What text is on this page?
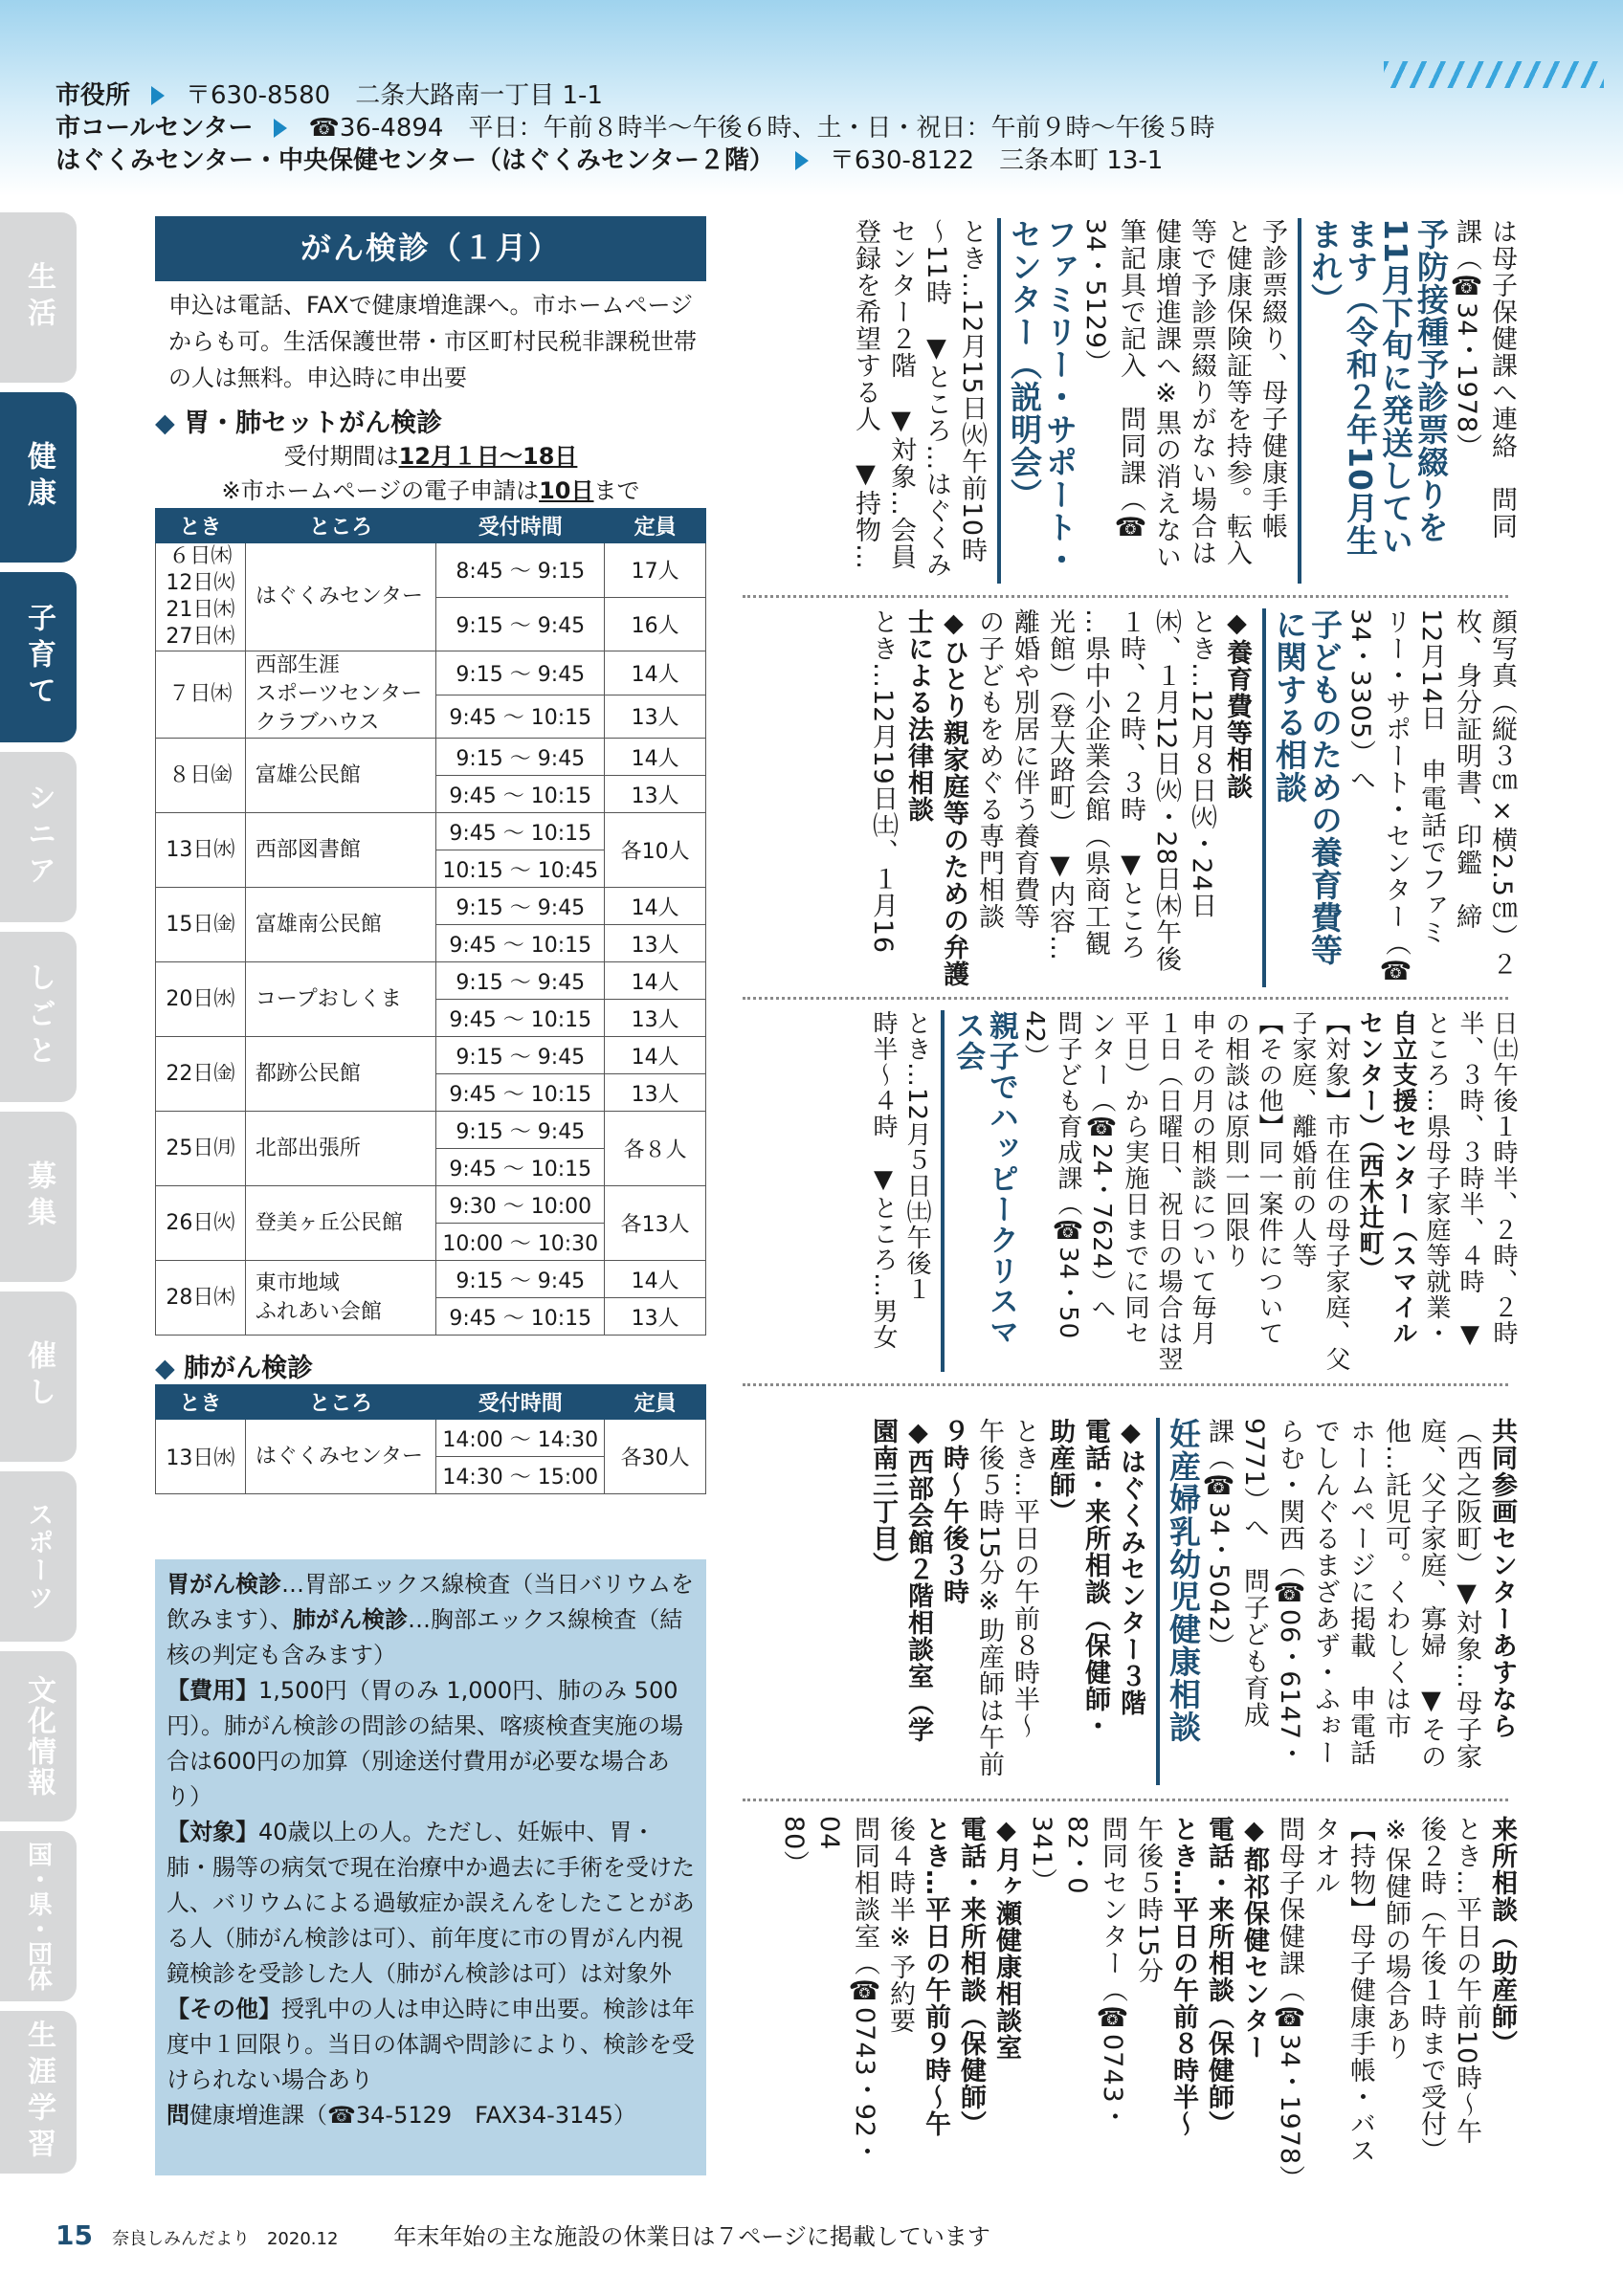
市役所 〒630-8580　二条大路南一丁目 1-1
市コールセンター ☎36-4894　平日：午前８時半～午後６時、土・日・祝日：午前９時～午後５時
はぐくみセンター・中央保健センター（はぐくみセンター２階） 〒630-8122　三条本町 13-1
生活
健康
子育て
シニア
しごと
募集
催し
スポーツ
文化情報
国・県・団体
生涯学習
がん検診（１月）
申込は電話、FAXで健康増進課へ。市ホームページからも可。生活保護世帯・市区町村民税非課税世帯の人は無料。申込時に申出要
◆ 胃・肺セットがん検診
受付期間は12月１日～18日
※市ホームページの電子申請は10日まで
とき	ところ	受付時間	定員
６日㈭
12日㈫
21日㈭
27日㈭	はぐくみセンター	8:45 ～ 9:15	17人
		9:15 ～ 9:45	16人
７日㈭	西部生涯
スポーツセンター
クラブハウス	9:15 ～ 9:45	14人
		9:45 ～ 10:15	13人
８日㈮	富雄公民館	9:15 ～ 9:45	14人
		9:45 ～ 10:15	13人
13日㈬	西部図書館	9:45 ～ 10:15	各10人
		10:15 ～ 10:45	
15日㈮	富雄南公民館	9:15 ～ 9:45	14人
		9:45 ～ 10:15	13人
20日㈬	コープおしくま	9:15 ～ 9:45	14人
		9:45 ～ 10:15	13人
22日㈮	都跡公民館	9:15 ～ 9:45	14人
		9:45 ～ 10:15	13人
25日㈪	北部出張所	9:15 ～ 9:45	各８人
		9:45 ～ 10:15	
26日㈫	登美ヶ丘公民館	9:30 ～ 10:00	各13人
		10:00 ～ 10:30	
28日㈭	東市地域
ふれあい会館	9:15 ～ 9:45	14人
		9:45 ～ 10:15	13人
◆ 肺がん検診
とき	ところ	受付時間	定員
13日㈬	はぐくみセンター	14:00 ～ 14:30	各30人
		14:30 ～ 15:00	
胃がん検診…胃部エックス線検査（当日バリウムを飲みます）、肺がん検診…胸部エックス線検査（結核の判定も含みます）
【費用】1,500円（胃のみ 1,000円、肺のみ 500円）。肺がん検診の問診の結果、喀痰検査実施の場合は600円の加算（別途送付費用が必要な場合あり）
【対象】40歳以上の人。ただし、妊娠中、胃・肺・腸等の病気で現在治療中か過去に手術を受けた人、バリウムによる過敏症か誤えんをしたことがある人（肺がん検診は可）、前年度に市の胃がん内視鏡検診を受診した人（肺がん検診は可）は対象外
【その他】授乳中の人は申込時に申出要。検診は年度中１回限り。当日の体調や問診により、検診を受けられない場合あり
問健康増進課（☎34-5129　FAX34-3145）
は母子保健課へ連絡　問同
課（☎34・1978）
予防接種予診票綴りを11月下旬に発送しています（令和２年10月生まれ）
予診票綴り、母子健康手帳
と健康保険証等を持参。転入
等で予診票綴りがない場合は
健康増進課へ※黒の消えない
筆記具で記入　問同課（☎
34・5129）
ファミリー・サポート・センター（説明会）
とき…12月15日㈫午前10時
～11時　▼ところ…はぐくみ
センター２階　▼対象…会員
登録を希望する人　▼持物…
顔写真（縦３㎝×横2.5㎝）２
枚、身分証明書、印鑑　締
12月14日　申電話でファミ
リー・サポート・センター（☎
34・3305）へ
子どものための養育費等に関する相談
◆養育費等相談
とき…12月８日㈫・24日
㈭、１月12日㈫・28日㈭午後
１時、２時、３時　▼ところ
…県中小企業会館（県商工観
光館）（登大路町）　▼内容…
離婚や別居に伴う養育費等
の子どもをめぐる専門相談
◆ひとり親家庭等のための弁護士による法律相談
とき…12月19日㈯、１月16
日㈯午後１時半、２時、２時
半、３時、３時半、４時　▼
ところ…県母子家庭等就業・
自立支援センター（スマイル
センター）（西木辻町）
【対象】市在住の母子家庭、父
子家庭、離婚前の人等
【その他】同一案件について
の相談は原則一回限り
申その月の相談について毎月
１日（日曜日、祝日の場合は翌
平日）から実施日までに同セ
ンター（☎24・7624）へ
問子ども育成課（☎34・50
42）
親子でハッピークリスマス会
とき…12月５日㈯午後１
時半～４時　▼ところ…男女
共同参画センターあすなら
（西之阪町）▼対象…母子家
庭、父子家庭、寡婦　▼その
他…託児可。くわしくは市
ホームページに掲載　申電話
でしんぐるまざあず・ふぉー
らむ・関西（☎06・6147・
9771）へ　問子ども育成
課（☎34・5042）
妊産婦乳幼児健康相談
◆はぐくみセンター３階
電話・来所相談（保健師・
助産師）
とき…平日の午前８時半～
午後５時15分※助産師は午前
９時～午後３時
◆西部会館２階相談室（学
園南三丁目）
来所相談（助産師）
とき…平日の午前10時～午
後２時（午後１時まで受付）
※保健師の場合あり
【持物】母子健康手帳・バス
タオル
問母子保健課（☎34・1978）
◆都祁保健センター
電話・来所相談（保健師）
とき…平日の午前８時半～
午後５時15分
問同センター（☎0743・82・0
341）
◆月ヶ瀬健康相談室
電話・来所相談（保健師）
とき…平日の午前９時～午
後４時半※予約要
問同相談室（☎0743・92・04
80）
15 奈良しみんだより　2020.12 年末年始の主な施設の休業日は７ページに掲載しています
